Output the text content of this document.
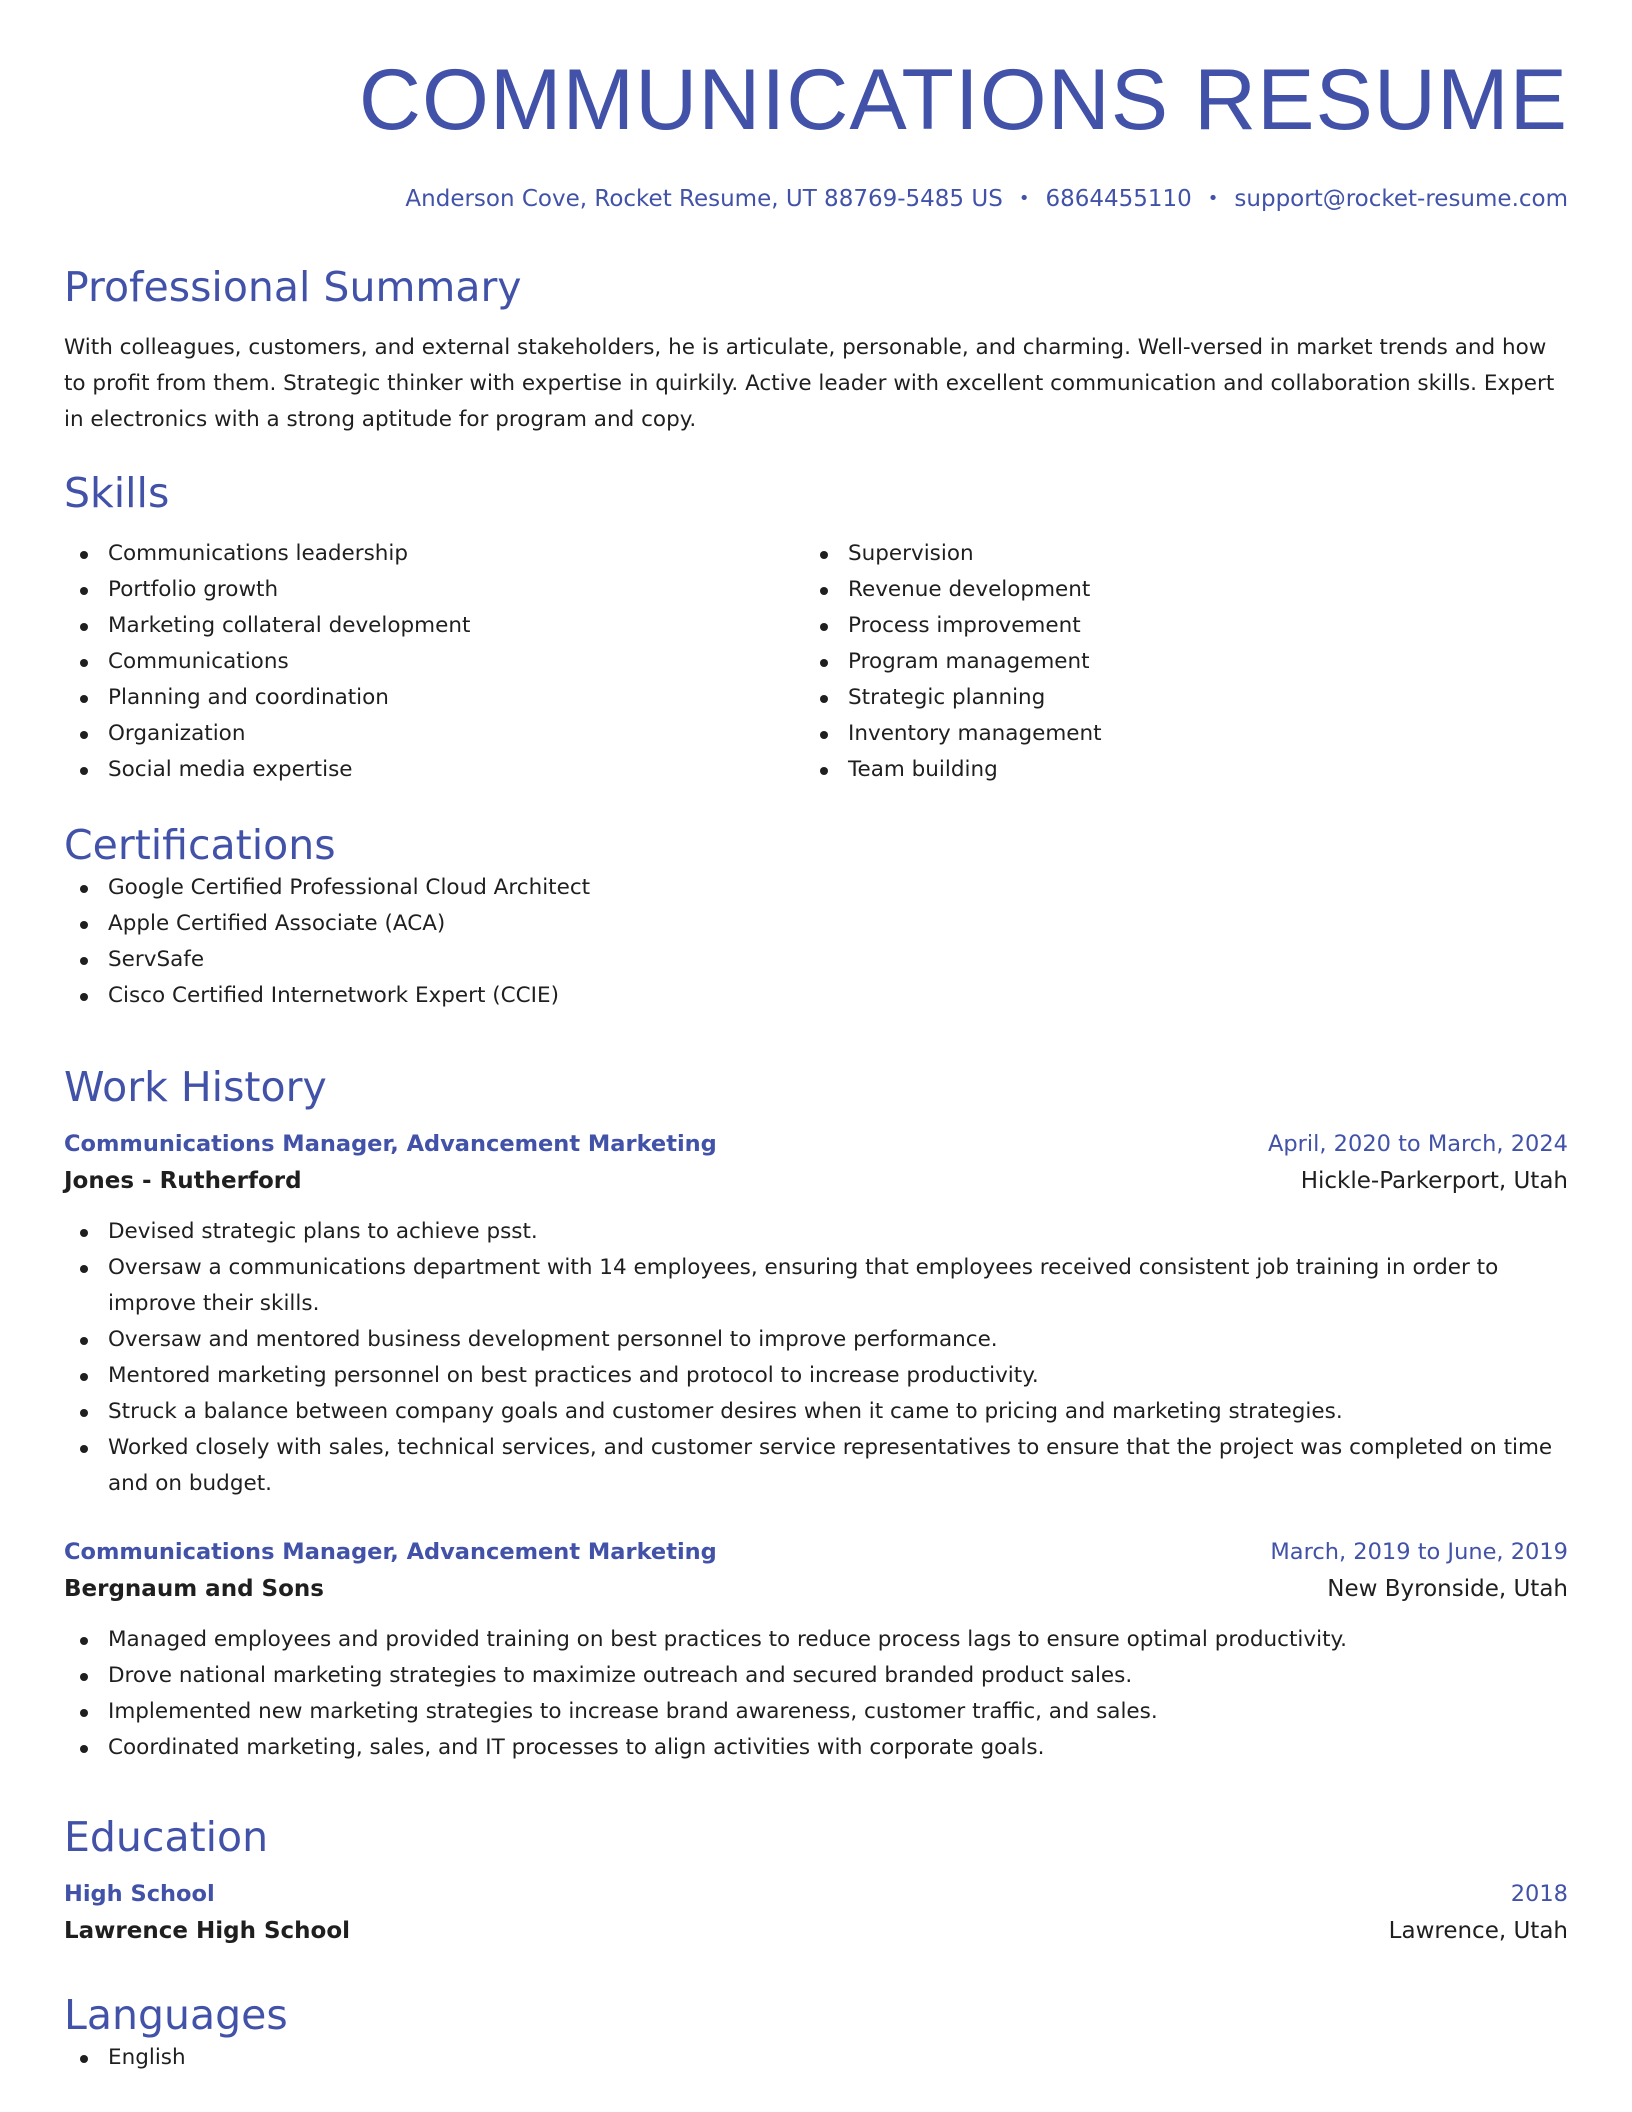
COMMUNICATIONS RESUME
Anderson Cove, Rocket Resume, UT 88769-5485 US • 6864455110 • support@rocket-resume.com
Professional Summary

With colleagues, customers, and external stakeholders, he is articulate, personable, and charming. Well-versed in market trends and how to profit from them. Strategic thinker with expertise in quirkily. Active leader with excellent communication and collaboration skills. Expert in electronics with a strong aptitude for program and copy.

Skills
Communications leadership
Portfolio growth
Marketing collateral development
Communications
Planning and coordination
Organization
Social media expertise
Supervision
Revenue development
Process improvement
Program management
Strategic planning
Inventory management
Team building
Certifications
Google Certified Professional Cloud Architect
Apple Certified Associate (ACA)
ServSafe
Cisco Certified Internetwork Expert (CCIE)
Work History
Communications Manager, Advancement Marketing	April, 2020 to March, 2024
Jones - Rutherford	Hickle-Parkerport, Utah
Devised strategic plans to achieve psst.
Oversaw a communications department with 14 employees, ensuring that employees received consistent job training in order to improve their skills.
Oversaw and mentored business development personnel to improve performance.
Mentored marketing personnel on best practices and protocol to increase productivity.
Struck a balance between company goals and customer desires when it came to pricing and marketing strategies.
Worked closely with sales, technical services, and customer service representatives to ensure that the project was completed on time and on budget.
Communications Manager, Advancement Marketing	March, 2019 to June, 2019
Bergnaum and Sons	New Byronside, Utah
Managed employees and provided training on best practices to reduce process lags to ensure optimal productivity.
Drove national marketing strategies to maximize outreach and secured branded product sales.
Implemented new marketing strategies to increase brand awareness, customer traffic, and sales.
Coordinated marketing, sales, and IT processes to align activities with corporate goals.
Education
High School	2018
Lawrence High School	Lawrence, Utah
Languages
English
